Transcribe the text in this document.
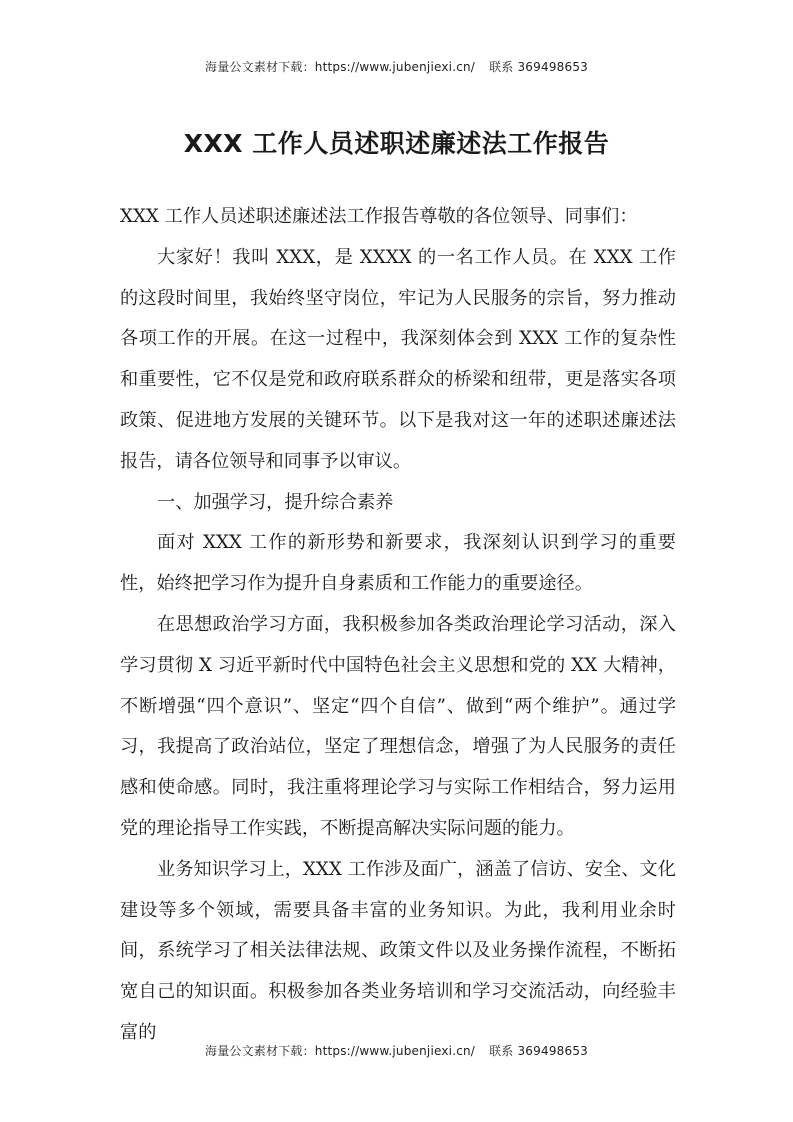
海量公文素材下载：https://www.jubenjiexi.cn/ 联系 369498653
XXX 工作人员述职述廉述法工作报告

XXX 工作人员述职述廉述法工作报告尊敬的各位领导、同事们：

大家好！我叫 XXX，是 XXXX 的一名工作人员。在 XXX 工作的这段时间里，我始终坚守岗位，牢记为人民服务的宗旨，努力推动各项工作的开展。在这一过程中，我深刻体会到 XXX 工作的复杂性和重要性，它不仅是党和政府联系群众的桥梁和纽带，更是落实各项政策、促进地方发展的关键环节。以下是我对这一年的述职述廉述法报告，请各位领导和同事予以审议。

一、加强学习，提升综合素养

面对 XXX 工作的新形势和新要求，我深刻认识到学习的重要性，始终把学习作为提升自身素质和工作能力的重要途径。

在思想政治学习方面，我积极参加各类政治理论学习活动，深入学习贯彻 X 习近平新时代中国特色社会主义思想和党的 XX 大精神，不断增强“四个意识”、坚定“四个自信”、做到“两个维护”。通过学习，我提高了政治站位，坚定了理想信念，增强了为人民服务的责任感和使命感。同时，我注重将理论学习与实际工作相结合，努力运用党的理论指导工作实践，不断提高解决实际问题的能力。

业务知识学习上，XXX 工作涉及面广，涵盖了信访、安全、文化建设等多个领域，需要具备丰富的业务知识。为此，我利用业余时间，系统学习了相关法律法规、政策文件以及业务操作流程，不断拓宽自己的知识面。积极参加各类业务培训和学习交流活动，向经验丰富的

海量公文素材下载：https://www.jubenjiexi.cn/ 联系 369498653
